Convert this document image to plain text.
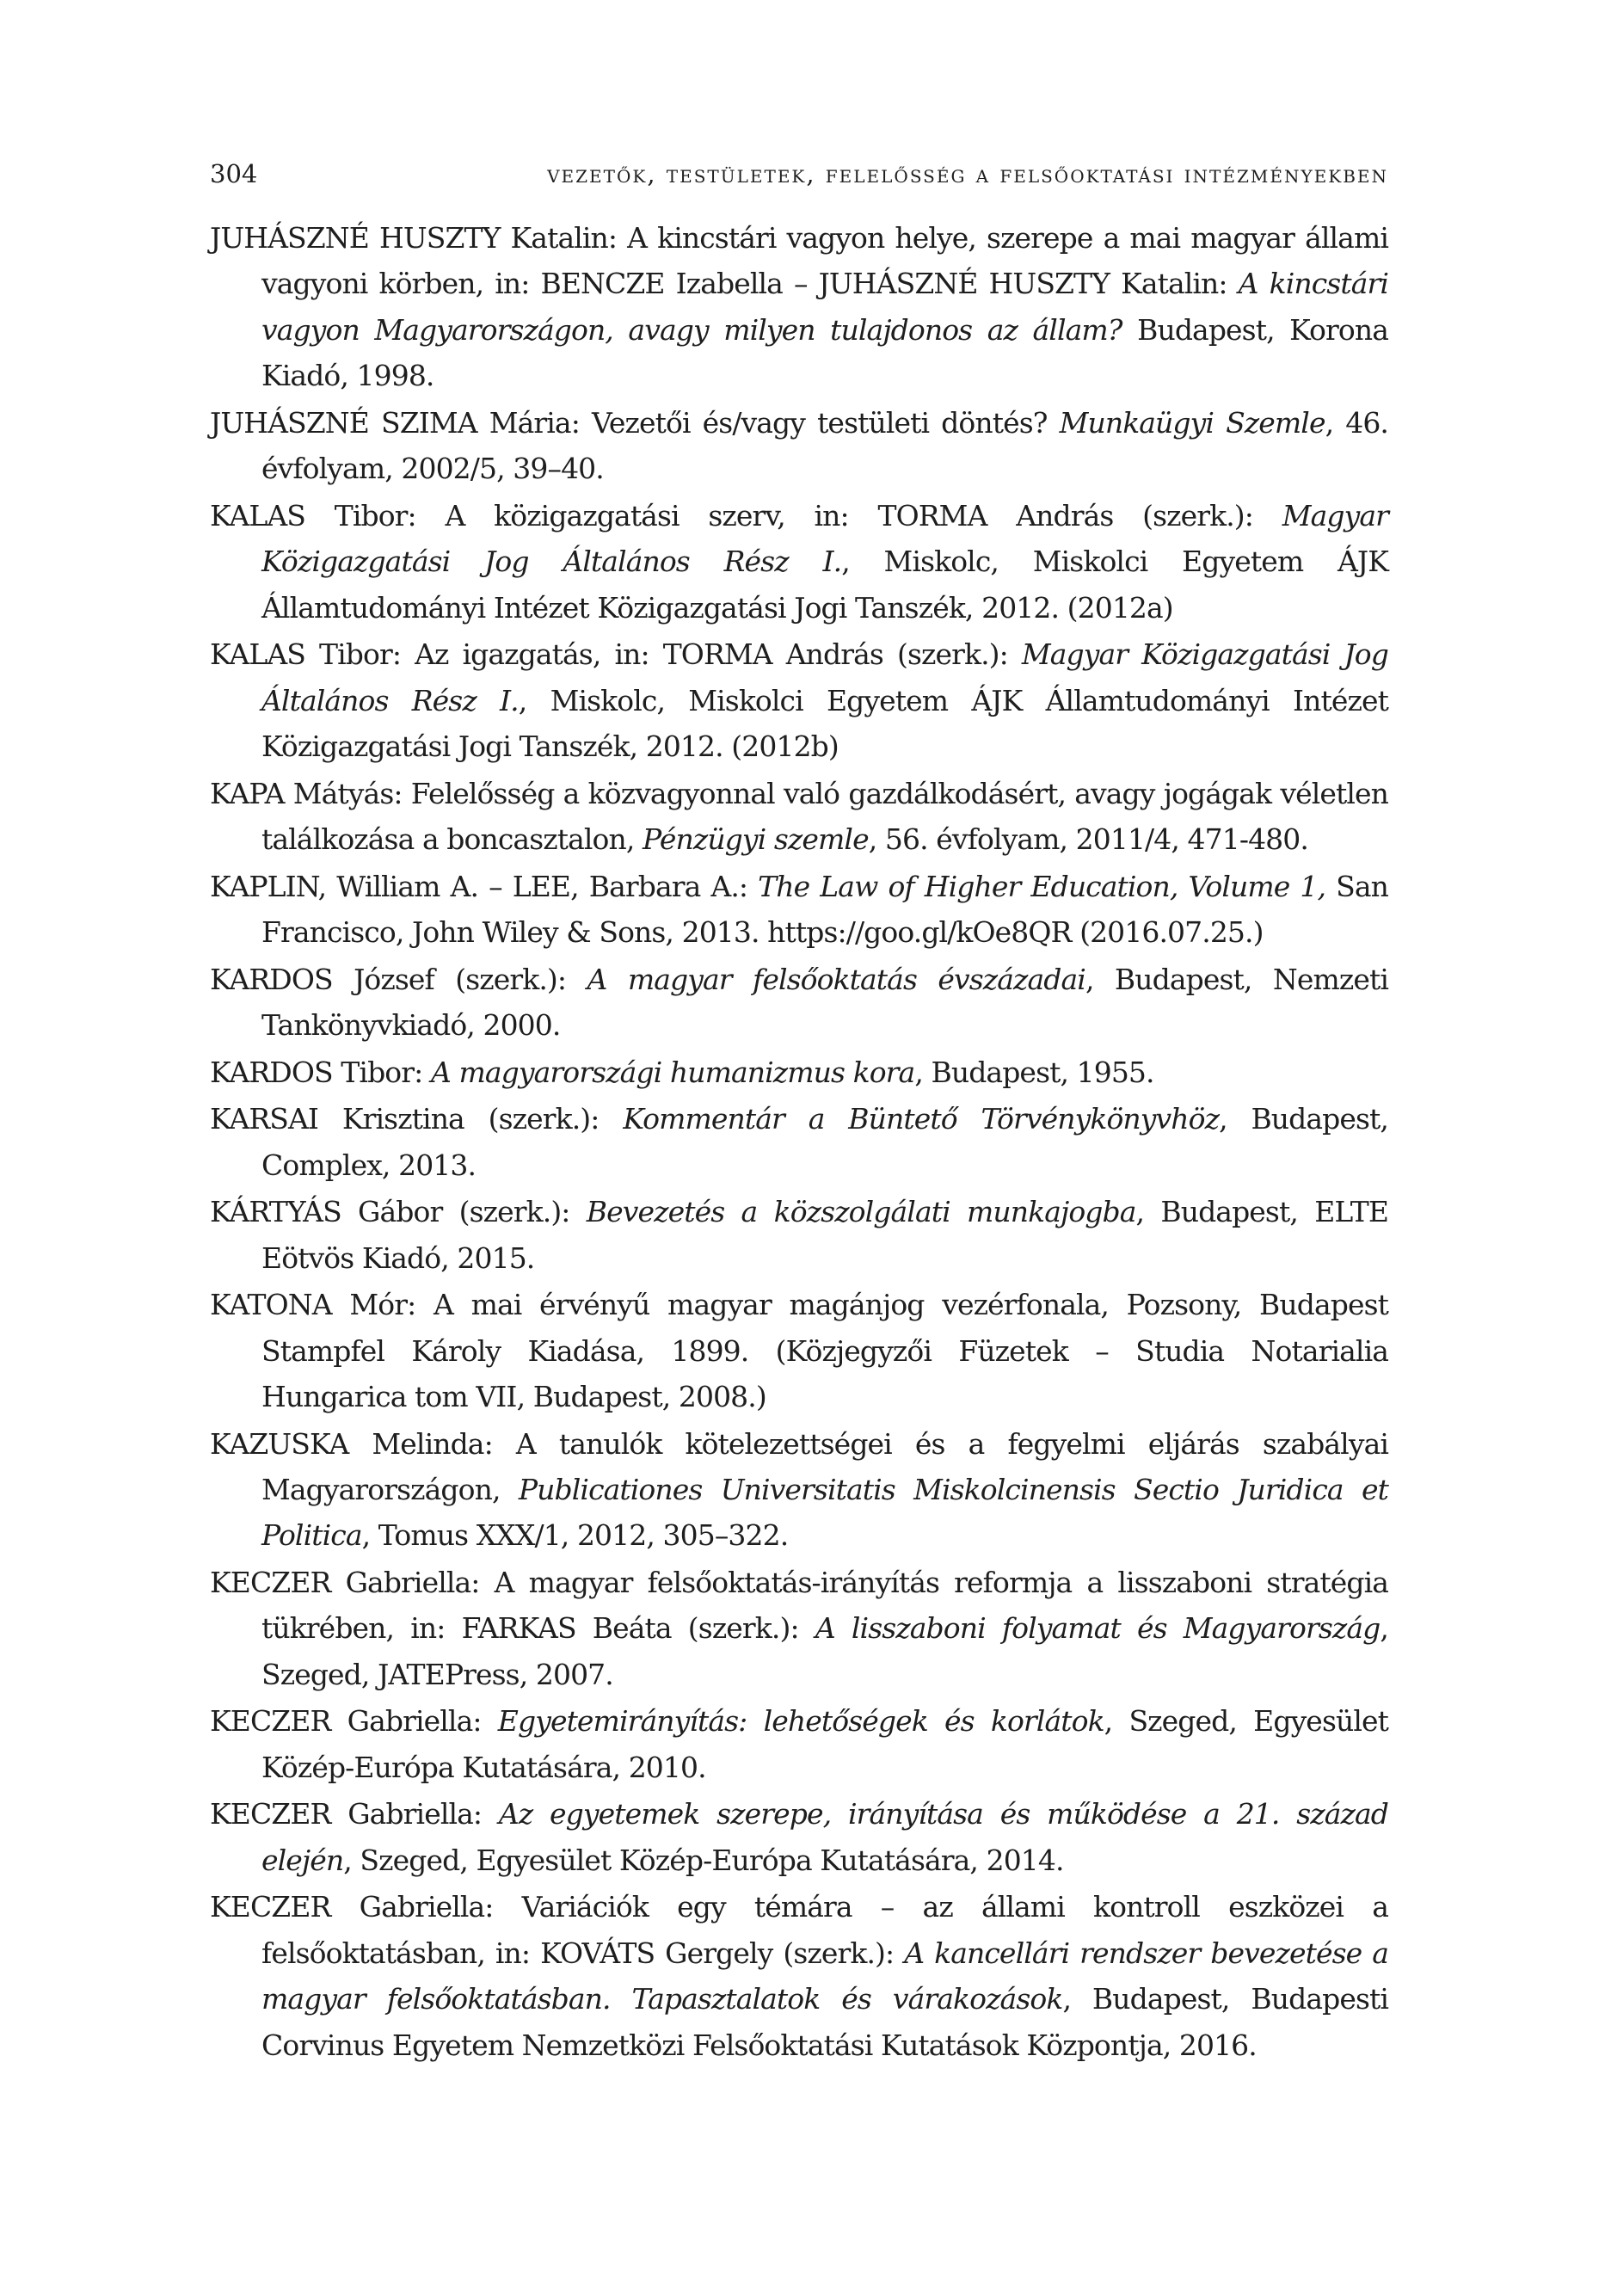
304	vezetők, testületek, felelősség a felsőoktatási intézményekben
JUHÁSZNÉ HUSZTY Katalin: A kincstári vagyon helye, szerepe a mai magyar állami vagyoni körben, in: BENCZE Izabella – JUHÁSZNÉ HUSZTY Katalin: A kincstári vagyon Magyarországon, avagy milyen tulajdonos az állam? Budapest, Korona Kiadó, 1998.
JUHÁSZNÉ SZIMA Mária: Vezetői és/vagy testületi döntés? Munkaügyi Szemle, 46. évfolyam, 2002/5, 39–40.
KALAS Tibor: A közigazgatási szerv, in: TORMA András (szerk.): Magyar Közigazgatási Jog Általános Rész I., Miskolc, Miskolci Egyetem ÁJK Államtudományi Intézet Közigazgatási Jogi Tanszék, 2012. (2012a)
KALAS Tibor: Az igazgatás, in: TORMA András (szerk.): Magyar Közigazgatási Jog Általános Rész I., Miskolc, Miskolci Egyetem ÁJK Államtudományi Intézet Közigazgatási Jogi Tanszék, 2012. (2012b)
KAPA Mátyás: Felelősség a közvagyonnal való gazdálkodásért, avagy jogágak véletlen találkozása a boncasztalon, Pénzügyi szemle, 56. évfolyam, 2011/4, 471-480.
KAPLIN, William A. – LEE, Barbara A.: The Law of Higher Education, Volume 1, San Francisco, John Wiley & Sons, 2013. https://goo.gl/kOe8QR (2016.07.25.)
KARDOS József (szerk.): A magyar felsőoktatás évszázadai, Budapest, Nemzeti Tankönyvkiadó, 2000.
KARDOS Tibor: A magyarországi humanizmus kora, Budapest, 1955.
KARSAI Krisztina (szerk.): Kommentár a Büntető Törvénykönyvhöz, Budapest, Complex, 2013.
KÁRTYÁS Gábor (szerk.): Bevezetés a közszolgálati munkajogba, Budapest, ELTE Eötvös Kiadó, 2015.
KATONA Mór: A mai érvényű magyar magánjog vezérfonala, Pozsony, Budapest Stampfel Károly Kiadása, 1899. (Közjegyzői Füzetek – Studia Notarialia Hungarica tom VII, Budapest, 2008.)
KAZUSKA Melinda: A tanulók kötelezettségei és a fegyelmi eljárás szabályai Magyarországon, Publicationes Universitatis Miskolcinensis Sectio Juridica et Politica, Tomus XXX/1, 2012, 305–322.
KECZER Gabriella: A magyar felsőoktatás-irányítás reformja a lisszaboni stratégia tükrében, in: FARKAS Beáta (szerk.): A lisszaboni folyamat és Magyarország, Szeged, JATEPress, 2007.
KECZER Gabriella: Egyetemirányítás: lehetőségek és korlátok, Szeged, Egyesület Közép-Európa Kutatására, 2010.
KECZER Gabriella: Az egyetemek szerepe, irányítása és működése a 21. század elején, Szeged, Egyesület Közép-Európa Kutatására, 2014.
KECZER Gabriella: Variációk egy témára – az állami kontroll eszközei a felsőoktatásban, in: KOVÁTS Gergely (szerk.): A kancellári rendszer bevezetése a magyar felsőoktatásban. Tapasztalatok és várakozások, Budapest, Budapesti Corvinus Egyetem Nemzetközi Felsőoktatási Kutatások Központja, 2016.
